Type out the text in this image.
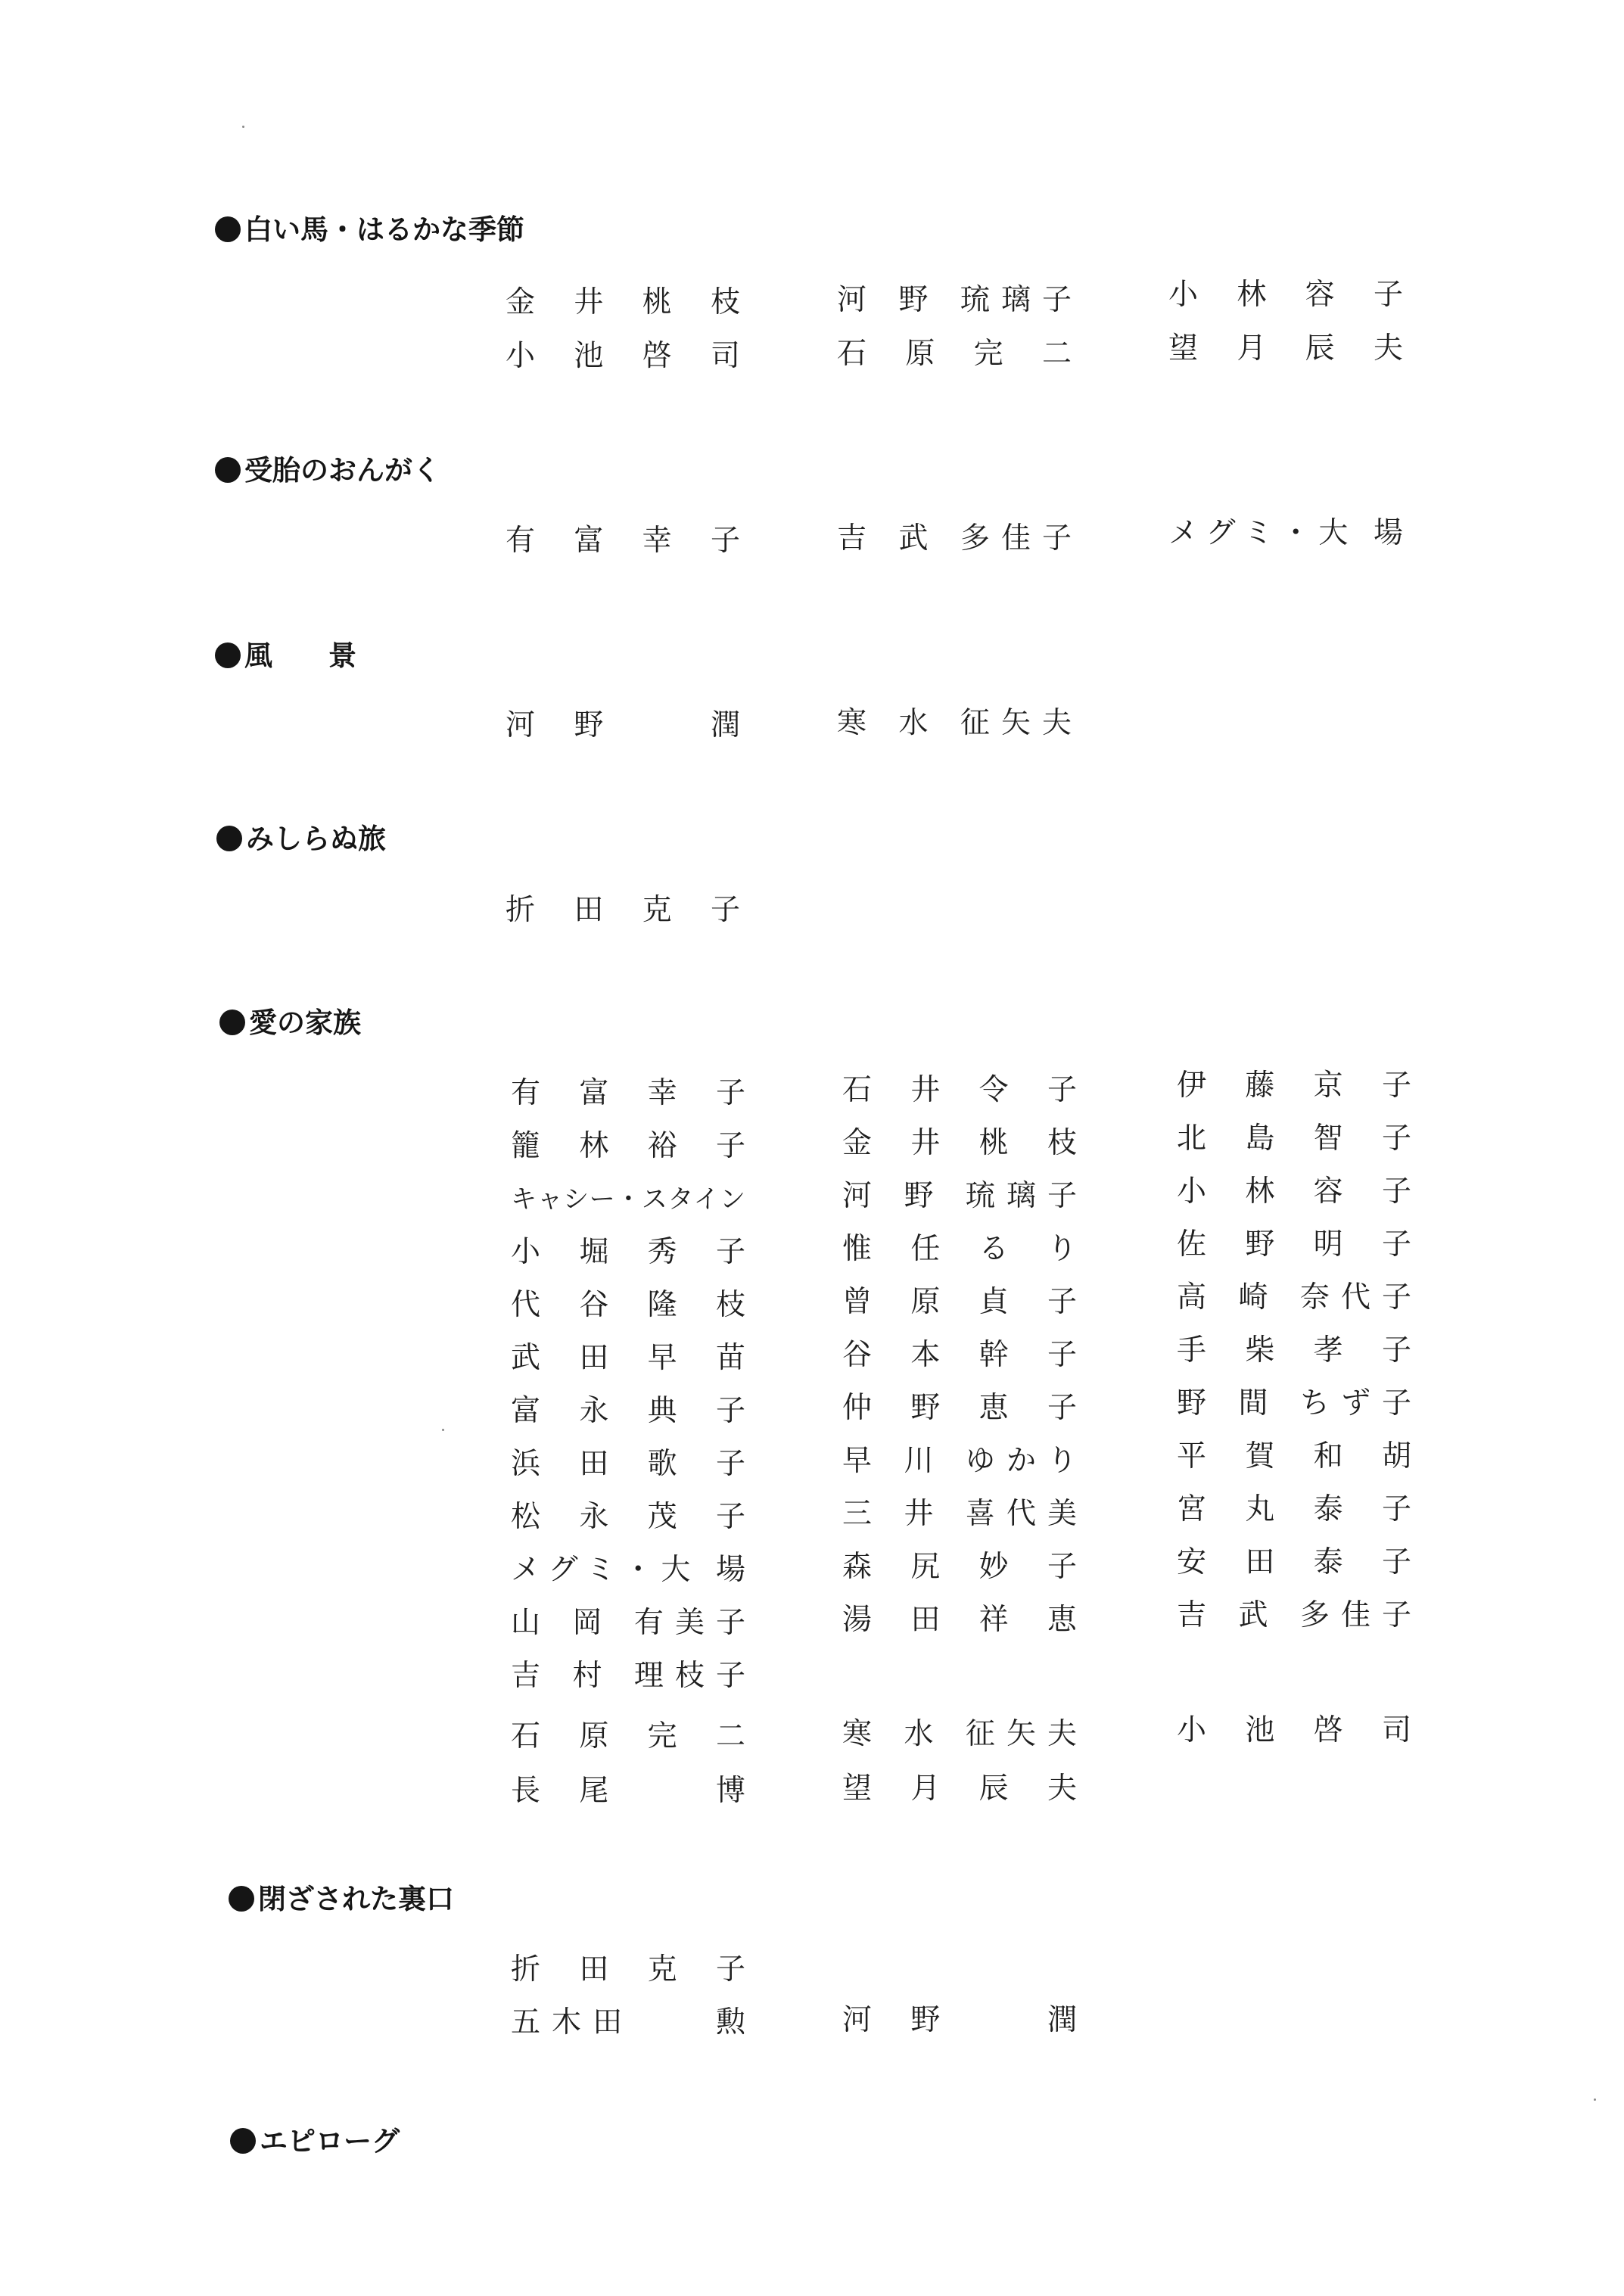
白い馬・はるかな季節
金 井 桃 枝	河 野 琉璃子	小 林 容 子
小 池 啓 司	石 原 完 二	望 月 辰 夫
受胎のおんがく
有 富 幸 子	吉 武 多佳子	メグミ・大 場
風　　景
河 野 　 潤	寒 水 征矢夫
みしらぬ旅
折 田 克 子
愛の家族
有 富 幸 子	石 井 令 子	伊 藤 京 子
籠 林 裕 子	金 井 桃 枝	北 島 智 子
キャシー・スタイン	河 野 琉璃子	小 林 容 子
小 堀 秀 子	惟 任 る り	佐 野 明 子
代 谷 隆 枝	曾 原 貞 子	高 崎 奈代子
武 田 早 苗	谷 本 幹 子	手 柴 孝 子
富 永 典 子	仲 野 恵 子	野 間 ちず子
浜 田 歌 子	早 川 ゆかり	平 賀 和 胡
松 永 茂 子	三 井 喜代美	宮 丸 泰 子
メグミ・大 場	森 尻 妙 子	安 田 泰 子
山 岡 有美子	湯 田 祥 恵	吉 武 多佳子
吉 村 理枝子
石 原 完 二	寒 水 征矢夫	小 池 啓 司
長 尾 　 博	望 月 辰 夫
閉ざされた裏口
折 田 克 子
五木田 　 勲	河 野 　 潤
エピローグ
